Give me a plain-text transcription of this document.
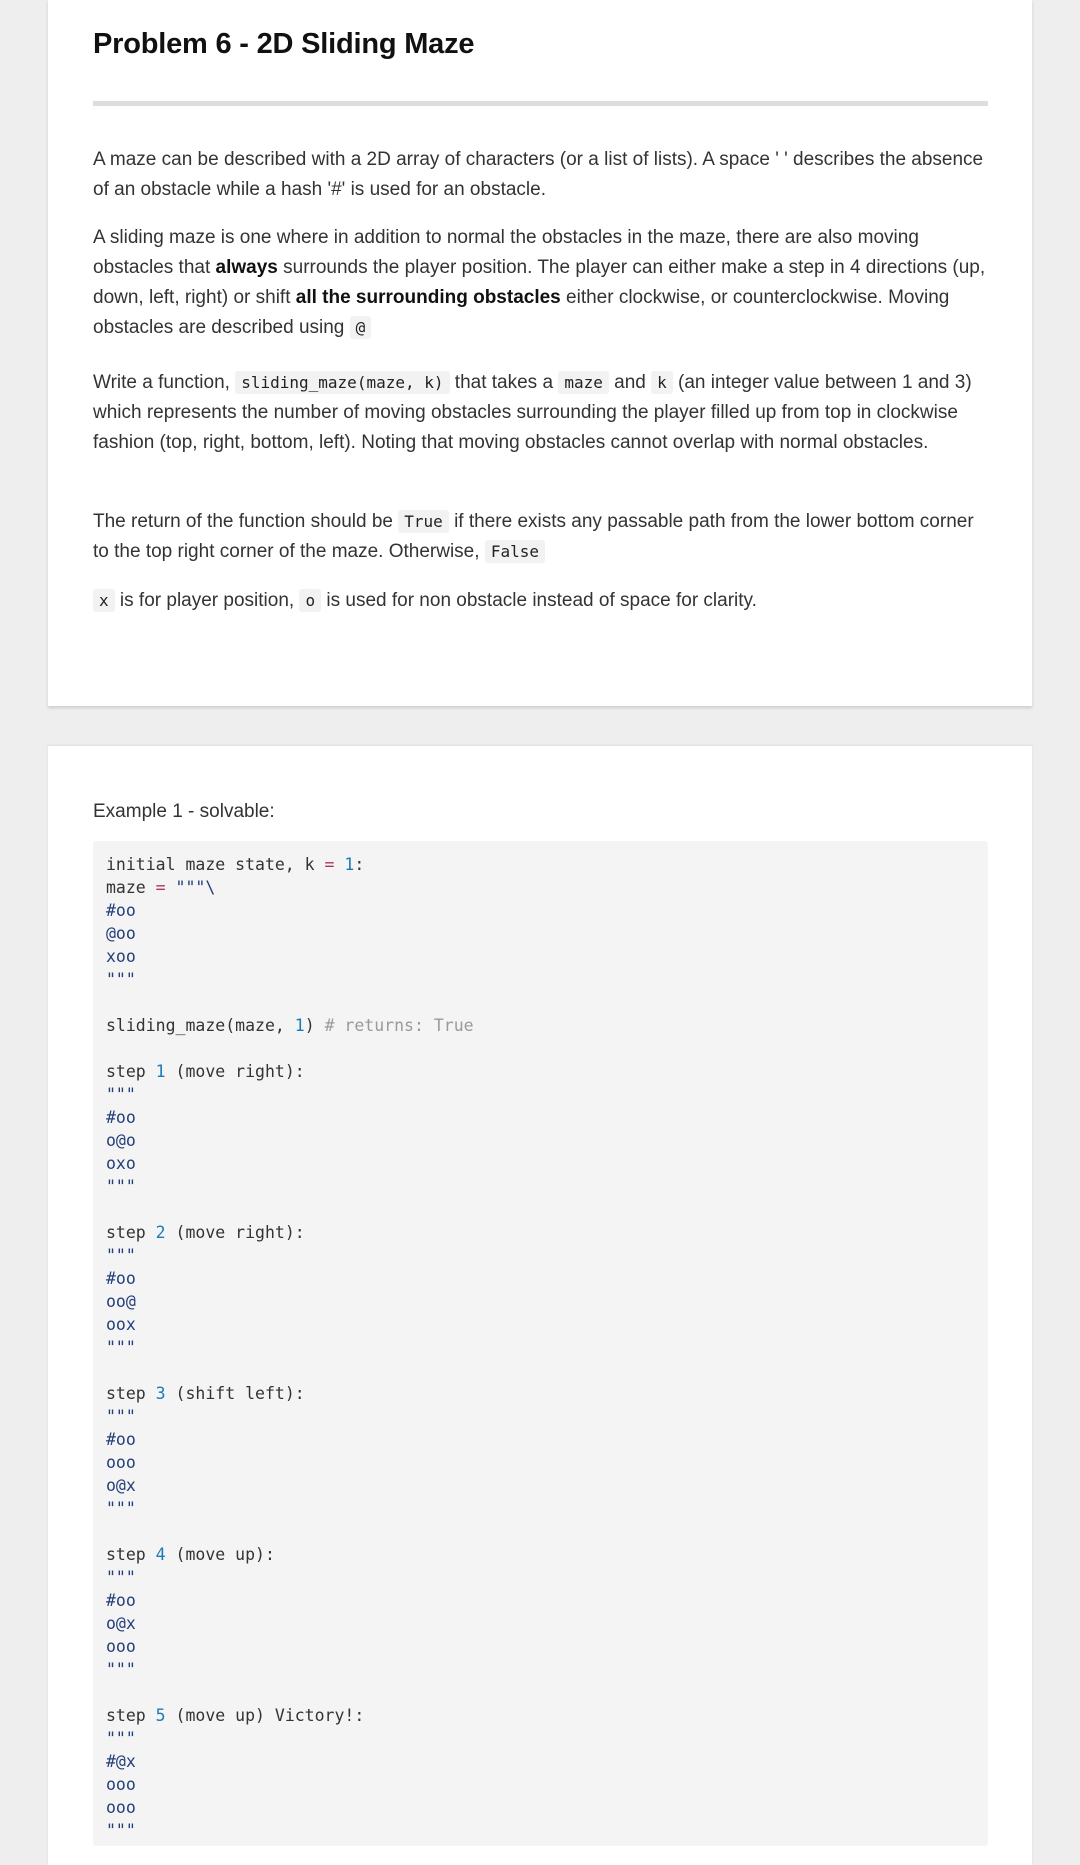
Problem 6 - 2D Sliding Maze

A maze can be described with a 2D array of characters (or a list of lists). A space ' ' describes the absence of an obstacle while a hash '#' is used for an obstacle.

A sliding maze is one where in addition to normal the obstacles in the maze, there are also moving obstacles that always surrounds the player position. The player can either make a step in 4 directions (up, down, left, right) or shift all the surrounding obstacles either clockwise, or counterclockwise. Moving obstacles are described using @

Write a function, sliding_maze(maze, k) that takes a maze and k (an integer value between 1 and 3) which represents the number of moving obstacles surrounding the player filled up from top in clockwise fashion (top, right, bottom, left). Noting that moving obstacles cannot overlap with normal obstacles.

The return of the function should be True if there exists any passable path from the lower bottom corner to the top right corner of the maze. Otherwise, False

x is for player position, o is used for non obstacle instead of space for clarity.

Example 1 - solvable:
initial maze state, k = 1:
maze = """\
#oo
@oo
xoo
"""

sliding_maze(maze, 1) # returns: True

step 1 (move right):
"""
#oo
o@o
oxo
"""

step 2 (move right):
"""
#oo
oo@
oox
"""

step 3 (shift left):
"""
#oo
ooo
o@x
"""

step 4 (move up):
"""
#oo
o@x
ooo
"""

step 5 (move up) Victory!:
"""
#@x
ooo
ooo
"""
